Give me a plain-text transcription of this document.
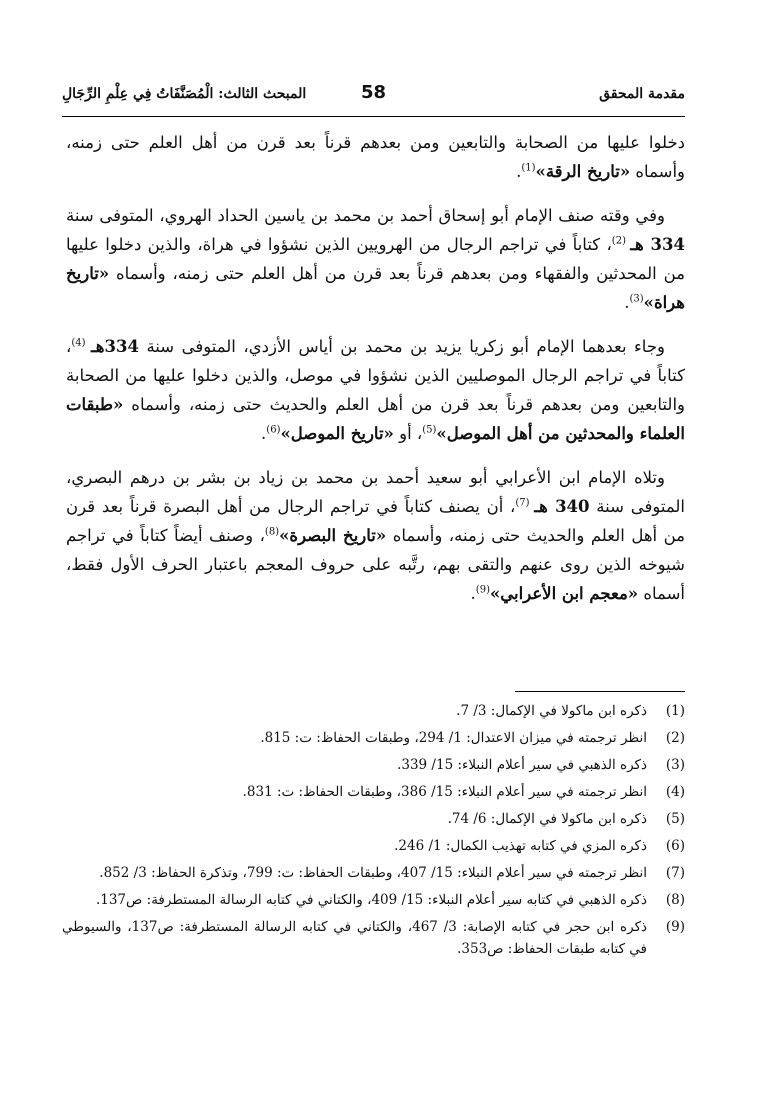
مقدمة المحقق
58
المبحث الثالث: الْمُصَنَّفَاتُ فِي عِلْمِ الرِّجَالِ

دخلوا عليها من الصحابة والتابعين ومن بعدهم قرناً بعد قرن من أهل العلم حتى زمنه، وأسماه «تاريخ الرقة»$^{(1)}$.

وفي وقته صنف الإمام أبو إسحاق أحمد بن محمد بن ياسين الحداد الهروي، المتوفى سنة 334 هـ $^{(2)}$، كتاباً في تراجم الرجال من الهرويين الذين نشؤوا في هراة، والذين دخلوا عليها من المحدثين والفقهاء ومن بعدهم قرناً بعد قرن من أهل العلم حتى زمنه، وأسماه «تاريخ هراة»$^{(3)}$.

وجاء بعدهما الإمام أبو زكريا يزيد بن محمد بن أياس الأزدي، المتوفى سنة 334هـ $^{(4)}$، كتاباً في تراجم الرجال الموصليين الذين نشؤوا في موصل، والذين دخلوا عليها من الصحابة والتابعين ومن بعدهم قرناً بعد قرن من أهل العلم والحديث حتى زمنه، وأسماه «طبقات العلماء والمحدثين من أهل الموصل»$^{(5)}$، أو «تاريخ الموصل»$^{(6)}$.

وتلاه الإمام ابن الأعرابي أبو سعيد أحمد بن محمد بن زياد بن بشر بن درهم البصري، المتوفى سنة 340 هـ $^{(7)}$، أن يصنف كتاباً في تراجم الرجال من أهل البصرة قرناً بعد قرن من أهل العلم والحديث حتى زمنه، وأسماه «تاريخ البصرة»$^{(8)}$، وصنف أيضاً كتاباً في تراجم شيوخه الذين روى عنهم والتقى بهم، رتَّبه على حروف المعجم باعتبار الحرف الأول فقط، أسماه «معجم ابن الأعرابي»$^{(9)}$.

(1)
ذكره ابن ماكولا في الإكمال: 3/ 7.
(2)
انظر ترجمته في ميزان الاعتدال: 1/ 294، وطبقات الحفاظ: ت: 815.
(3)
ذكره الذهبي في سير أعلام النبلاء: 15/ 339.
(4)
انظر ترجمته في سير أعلام النبلاء: 15/ 386، وطبقات الحفاظ: ت: 831.
(5)
ذكره ابن ماكولا في الإكمال: 6/ 74.
(6)
ذكره المزي في كتابه تهذيب الكمال: 1/ 246.
(7)
انظر ترجمته في سير أعلام النبلاء: 15/ 407، وطبقات الحفاظ: ت: 799، وتذكرة الحفاظ: 3/ 852.
(8)
ذكره الذهبي في كتابه سير أعلام النبلاء: 15/ 409، والكتاني في كتابه الرسالة المستطرفة: ص137.
(9)
ذكره ابن حجر في كتابه الإصابة: 3/ 467، والكتاني في كتابه الرسالة المستطرفة: ص137، والسيوطي في كتابه طبقات الحفاظ: ص353.
